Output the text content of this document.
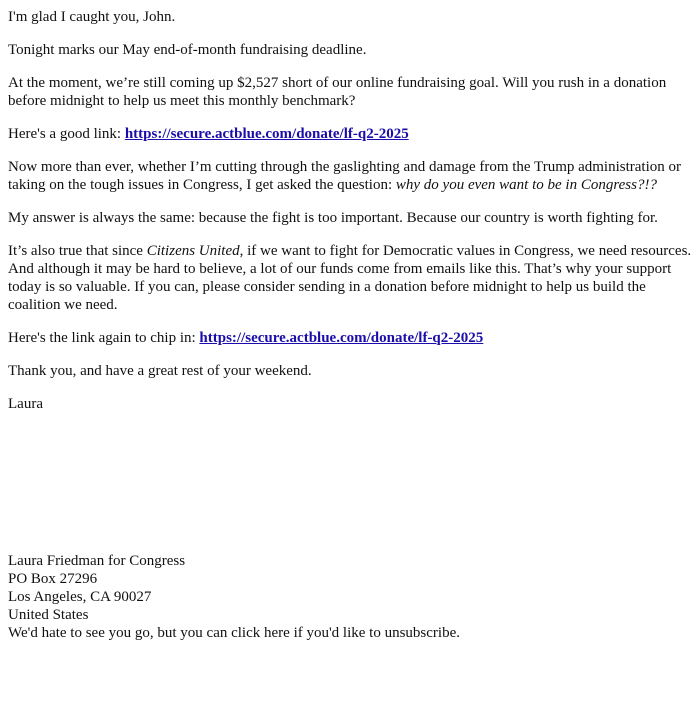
I'm glad I caught you, John.

Tonight marks our May end-of-month fundraising deadline.

At the moment, we’re still coming up $2,527 short of our online fundraising goal. Will you rush in a donation before midnight to help us meet this monthly benchmark?

Here's a good link: https://secure.actblue.com/donate/lf-q2-2025

Now more than ever, whether I’m cutting through the gaslighting and damage from the Trump administration or taking on the tough issues in Congress, I get asked the question: why do you even want to be in Congress?!?

My answer is always the same: because the fight is too important. Because our country is worth fighting for.

It’s also true that since Citizens United, if we want to fight for Democratic values in Congress, we need resources. And although it may be hard to believe, a lot of our funds come from emails like this. That’s why your support today is so valuable. If you can, please consider sending in a donation before midnight to help us build the coalition we need.

Here's the link again to chip in: https://secure.actblue.com/donate/lf-q2-2025

Thank you, and have a great rest of your weekend.

Laura

Laura Friedman for Congress
PO Box 27296
Los Angeles, CA 90027
United States
We'd hate to see you go, but you can click here if you'd like to unsubscribe.
